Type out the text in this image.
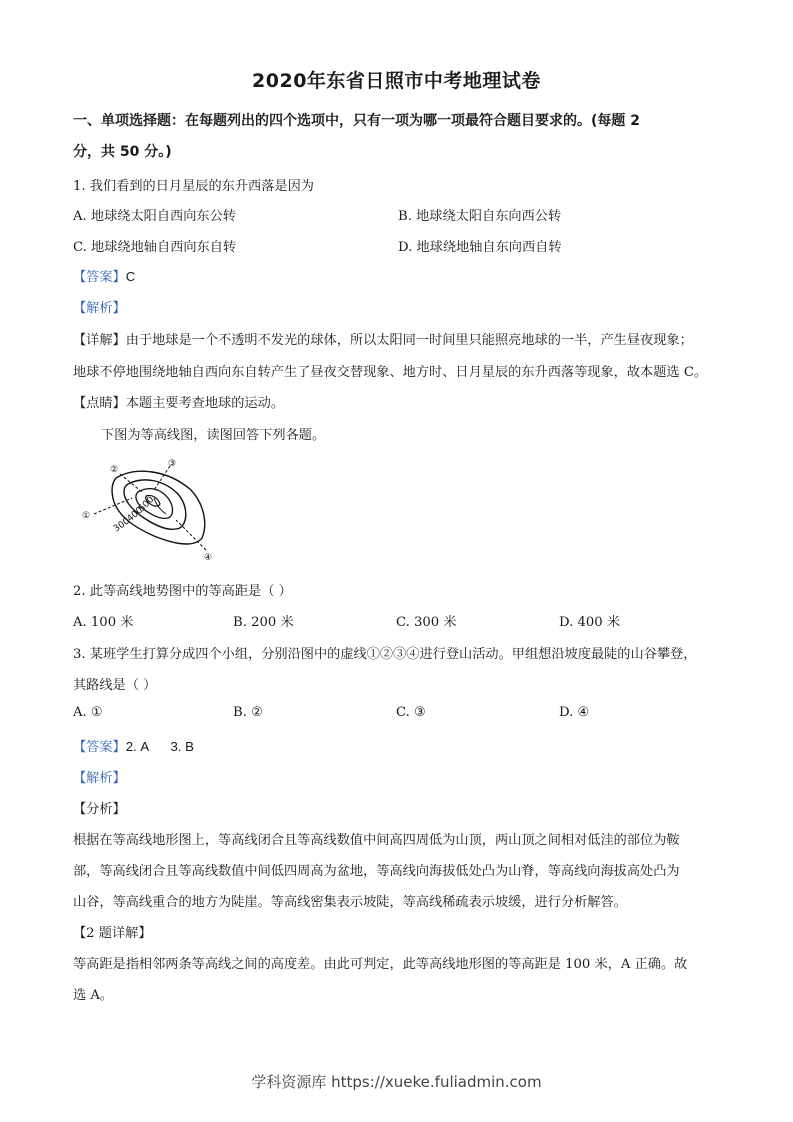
2020年东省日照市中考地理试卷
一、单项选择题：在每题列出的四个选项中，只有一项为哪一项最符合题目要求的。(每题 2
分，共 50 分。)
1. 我们看到的日月星辰的东升西落是因为
A. 地球绕太阳自西向东公转	B. 地球绕太阳自东向西公转
C. 地球绕地轴自西向东自转	D. 地球绕地轴自东向西自转
【答案】C
【解析】
【详解】由于地球是一个不透明不发光的球体，所以太阳同一时间里只能照亮地球的一半，产生昼夜现象；
地球不停地围绕地轴自西向东自转产生了昼夜交替现象、地方时、日月星辰的东升西落等现象，故本题选 C。
【点睛】本题主要考查地球的运动。
下图为等高线图，读图回答下列各题。
①
②
③
④
300
400
500
2. 此等高线地势图中的等高距是（ ）
A. 100 米	B. 200 米	C. 300 米	D. 400 米
3. 某班学生打算分成四个小组，分别沿图中的虚线①②③④进行登山活动。甲组想沿坡度最陡的山谷攀登，
其路线是（ ）
A. ①	B. ②	C. ③	D. ④
【答案】2. A      3. B
【解析】
【分析】
根据在等高线地形图上，等高线闭合且等高线数值中间高四周低为山顶，两山顶之间相对低洼的部位为鞍
部，等高线闭合且等高线数值中间低四周高为盆地，等高线向海拔低处凸为山脊，等高线向海拔高处凸为
山谷，等高线重合的地方为陡崖。等高线密集表示坡陡，等高线稀疏表示坡缓，进行分析解答。
【2 题详解】
等高距是指相邻两条等高线之间的高度差。由此可判定，此等高线地形图的等高距是 100 米，A 正确。故
选 A。
学科资源库 https://xueke.fuliadmin.com
